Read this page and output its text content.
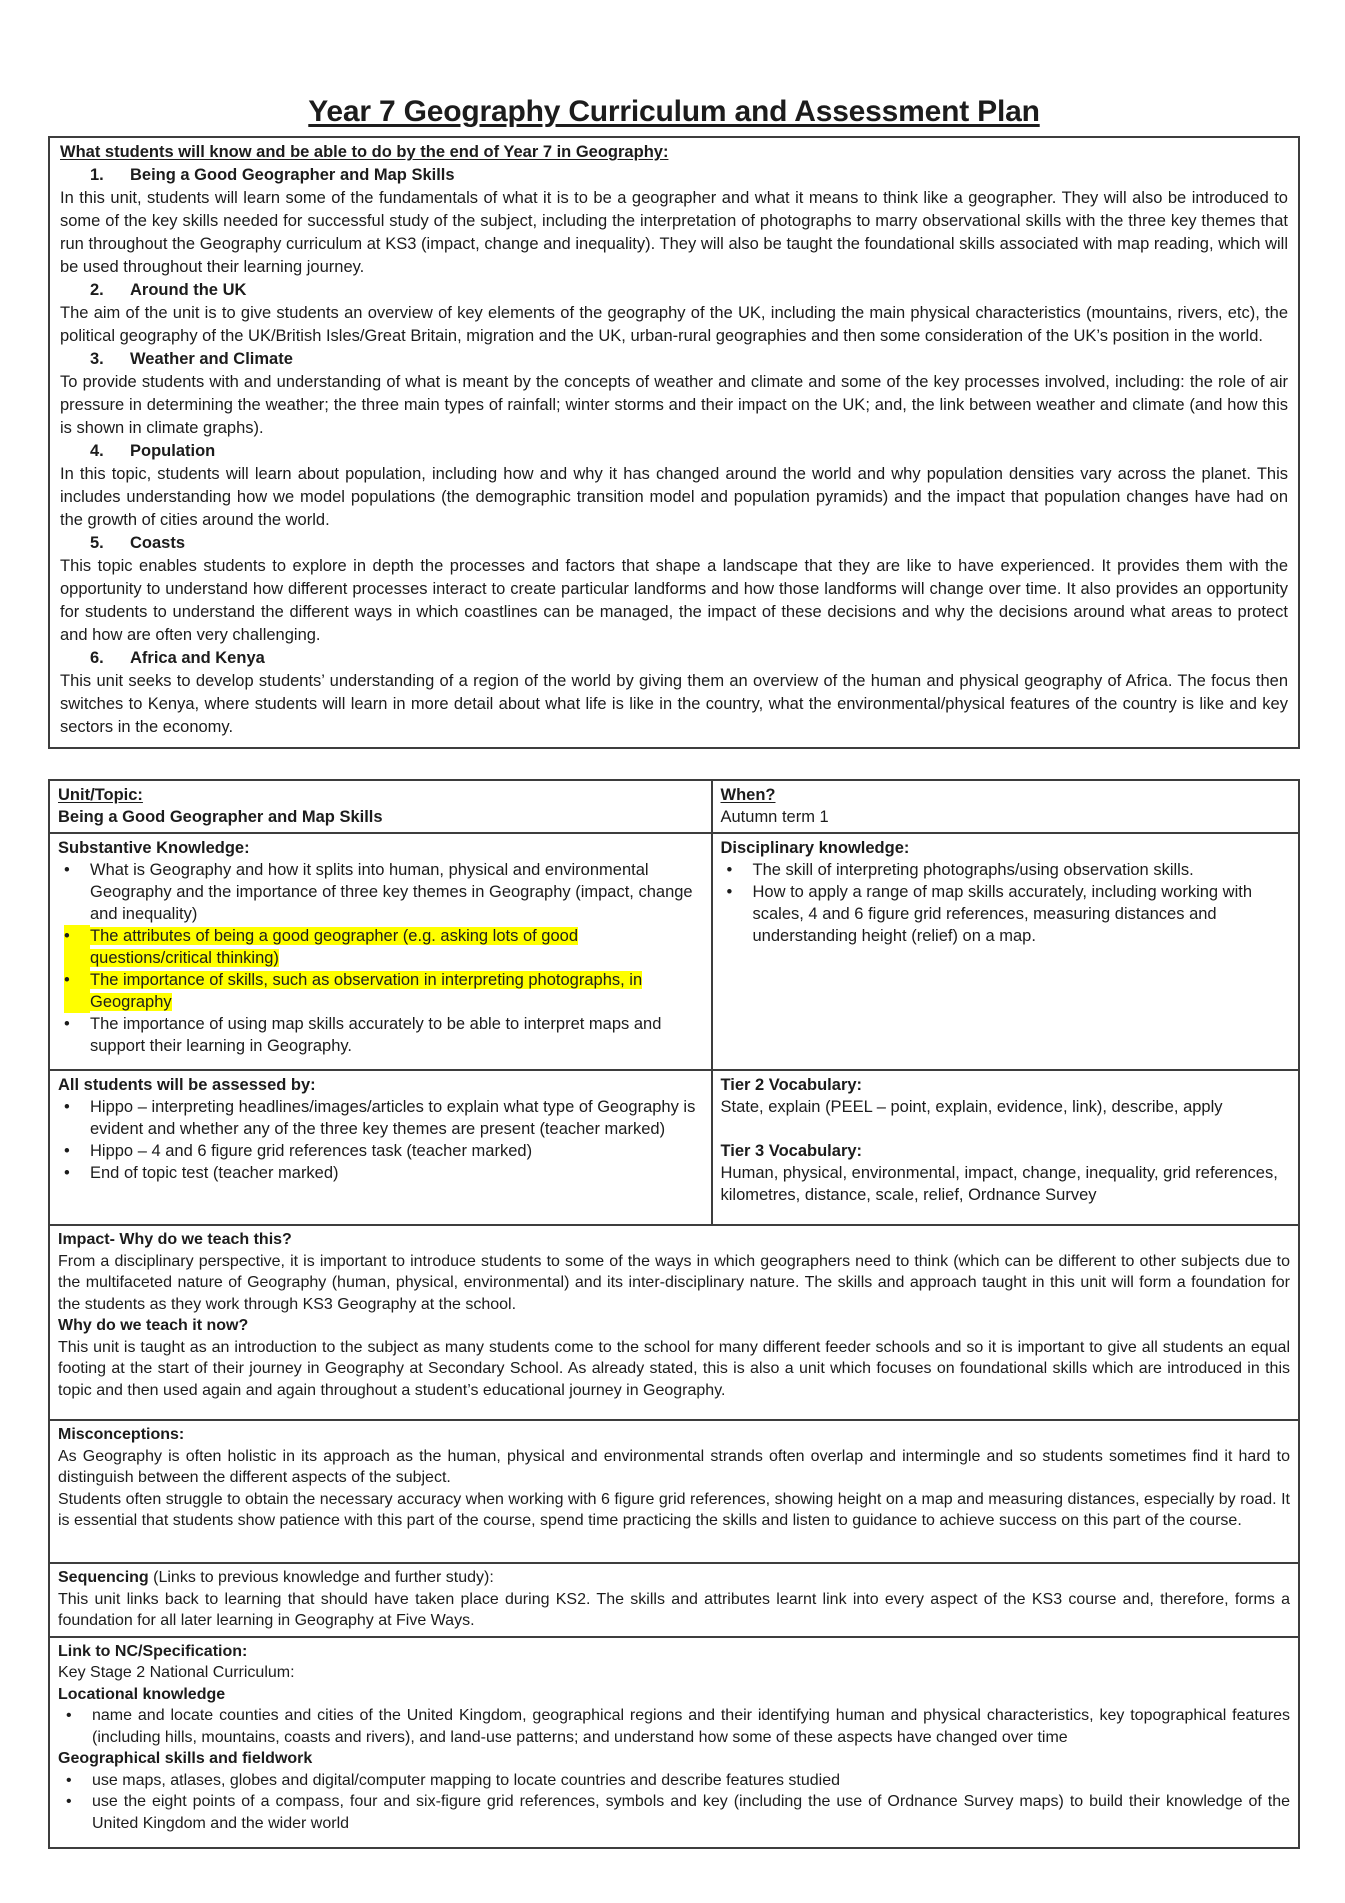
Year 7 Geography Curriculum and Assessment Plan
What students will know and be able to do by the end of Year 7 in Geography:
1. Being a Good Geographer and Map Skills
In this unit, students will learn some of the fundamentals of what it is to be a geographer and what it means to think like a geographer. They will also be introduced to some of the key skills needed for successful study of the subject, including the interpretation of photographs to marry observational skills with the three key themes that run throughout the Geography curriculum at KS3 (impact, change and inequality). They will also be taught the foundational skills associated with map reading, which will be used throughout their learning journey.
2. Around the UK
The aim of the unit is to give students an overview of key elements of the geography of the UK, including the main physical characteristics (mountains, rivers, etc), the political geography of the UK/British Isles/Great Britain, migration and the UK, urban-rural geographies and then some consideration of the UK’s position in the world.
3. Weather and Climate
To provide students with and understanding of what is meant by the concepts of weather and climate and some of the key processes involved, including: the role of air pressure in determining the weather; the three main types of rainfall; winter storms and their impact on the UK; and, the link between weather and climate (and how this is shown in climate graphs).
4. Population
In this topic, students will learn about population, including how and why it has changed around the world and why population densities vary across the planet. This includes understanding how we model populations (the demographic transition model and population pyramids) and the impact that population changes have had on the growth of cities around the world.
5. Coasts
This topic enables students to explore in depth the processes and factors that shape a landscape that they are like to have experienced. It provides them with the opportunity to understand how different processes interact to create particular landforms and how those landforms will change over time. It also provides an opportunity for students to understand the different ways in which coastlines can be managed, the impact of these decisions and why the decisions around what areas to protect and how are often very challenging.
6. Africa and Kenya
This unit seeks to develop students’ understanding of a region of the world by giving them an overview of the human and physical geography of Africa. The focus then switches to Kenya, where students will learn in more detail about what life is like in the country, what the environmental/physical features of the country is like and key sectors in the economy.
Unit/Topic:
Being a Good Geographer and Map Skills

When?
Autumn term 1

Substantive Knowledge:
•	What is Geography and how it splits into human, physical and environmental Geography and the importance of three key themes in Geography (impact, change and inequality)
•	The attributes of being a good geographer (e.g. asking lots of good questions/critical thinking)
•	The importance of skills, such as observation in interpreting photographs, in Geography
•	The importance of using map skills accurately to be able to interpret maps and support their learning in Geography.

Disciplinary knowledge:
•	The skill of interpreting photographs/using observation skills.
•	How to apply a range of map skills accurately, including working with scales, 4 and 6 figure grid references, measuring distances and understanding height (relief) on a map.

All students will be assessed by:
•	Hippo – interpreting headlines/images/articles to explain what type of Geography is evident and whether any of the three key themes are present (teacher marked)
•	Hippo – 4 and 6 figure grid references task (teacher marked)
•	End of topic test (teacher marked)

Tier 2 Vocabulary:
State, explain (PEEL – point, explain, evidence, link), describe, apply
Tier 3 Vocabulary:
Human, physical, environmental, impact, change, inequality, grid references, kilometres, distance, scale, relief, Ordnance Survey

Impact- Why do we teach this?
From a disciplinary perspective, it is important to introduce students to some of the ways in which geographers need to think (which can be different to other subjects due to the multifaceted nature of Geography (human, physical, environmental) and its inter-disciplinary nature. The skills and approach taught in this unit will form a foundation for the students as they work through KS3 Geography at the school.
Why do we teach it now?
This unit is taught as an introduction to the subject as many students come to the school for many different feeder schools and so it is important to give all students an equal footing at the start of their journey in Geography at Secondary School. As already stated, this is also a unit which focuses on foundational skills which are introduced in this topic and then used again and again throughout a student’s educational journey in Geography.	

Misconceptions:
As Geography is often holistic in its approach as the human, physical and environmental strands often overlap and intermingle and so students sometimes find it hard to distinguish between the different aspects of the subject.
Students often struggle to obtain the necessary accuracy when working with 6 figure grid references, showing height on a map and measuring distances, especially by road. It is essential that students show patience with this part of the course, spend time practicing the skills and listen to guidance to achieve success on this part of the course.	

Sequencing (Links to previous knowledge and further study):
This unit links back to learning that should have taken place during KS2. The skills and attributes learnt link into every aspect of the KS3 course and, therefore, forms a foundation for all later learning in Geography at Five Ways.	

Link to NC/Specification:
Key Stage 2 National Curriculum:
Locational knowledge
•	name and locate counties and cities of the United Kingdom, geographical regions and their identifying human and physical characteristics, key topographical features (including hills, mountains, coasts and rivers), and land-use patterns; and understand how some of these aspects have changed over time
Geographical skills and fieldwork
•	use maps, atlases, globes and digital/computer mapping to locate countries and describe features studied
•	use the eight points of a compass, four and six-figure grid references, symbols and key (including the use of Ordnance Survey maps) to build their knowledge of the United Kingdom and the wider world
